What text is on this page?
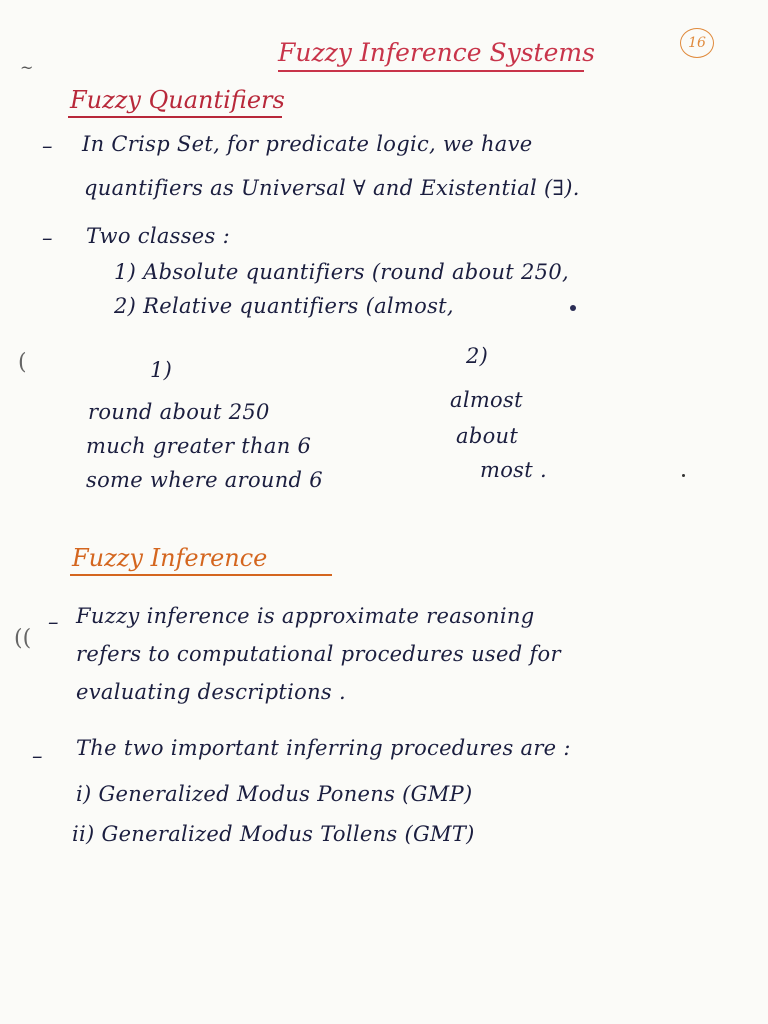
Fuzzy Inference Systems	16
~
Fuzzy Quantifiers
– In Crisp Set, for predicate logic, we have
quantifiers as Universal ∀ and Existential (∃).
– Two classes :
1) Absolute quantifiers (round about 250,
2) Relative quantifiers (almost,
(	1)
2)
round about 250
much greater than 6
some where around 6
almost
about
most .
Fuzzy Inference
((
– Fuzzy inference is approximate reasoning
refers to computational procedures used for
evaluating descriptions .
– The two important inferring procedures are :
i) Generalized Modus Ponens (GMP)
ii) Generalized Modus Tollens (GMT)
